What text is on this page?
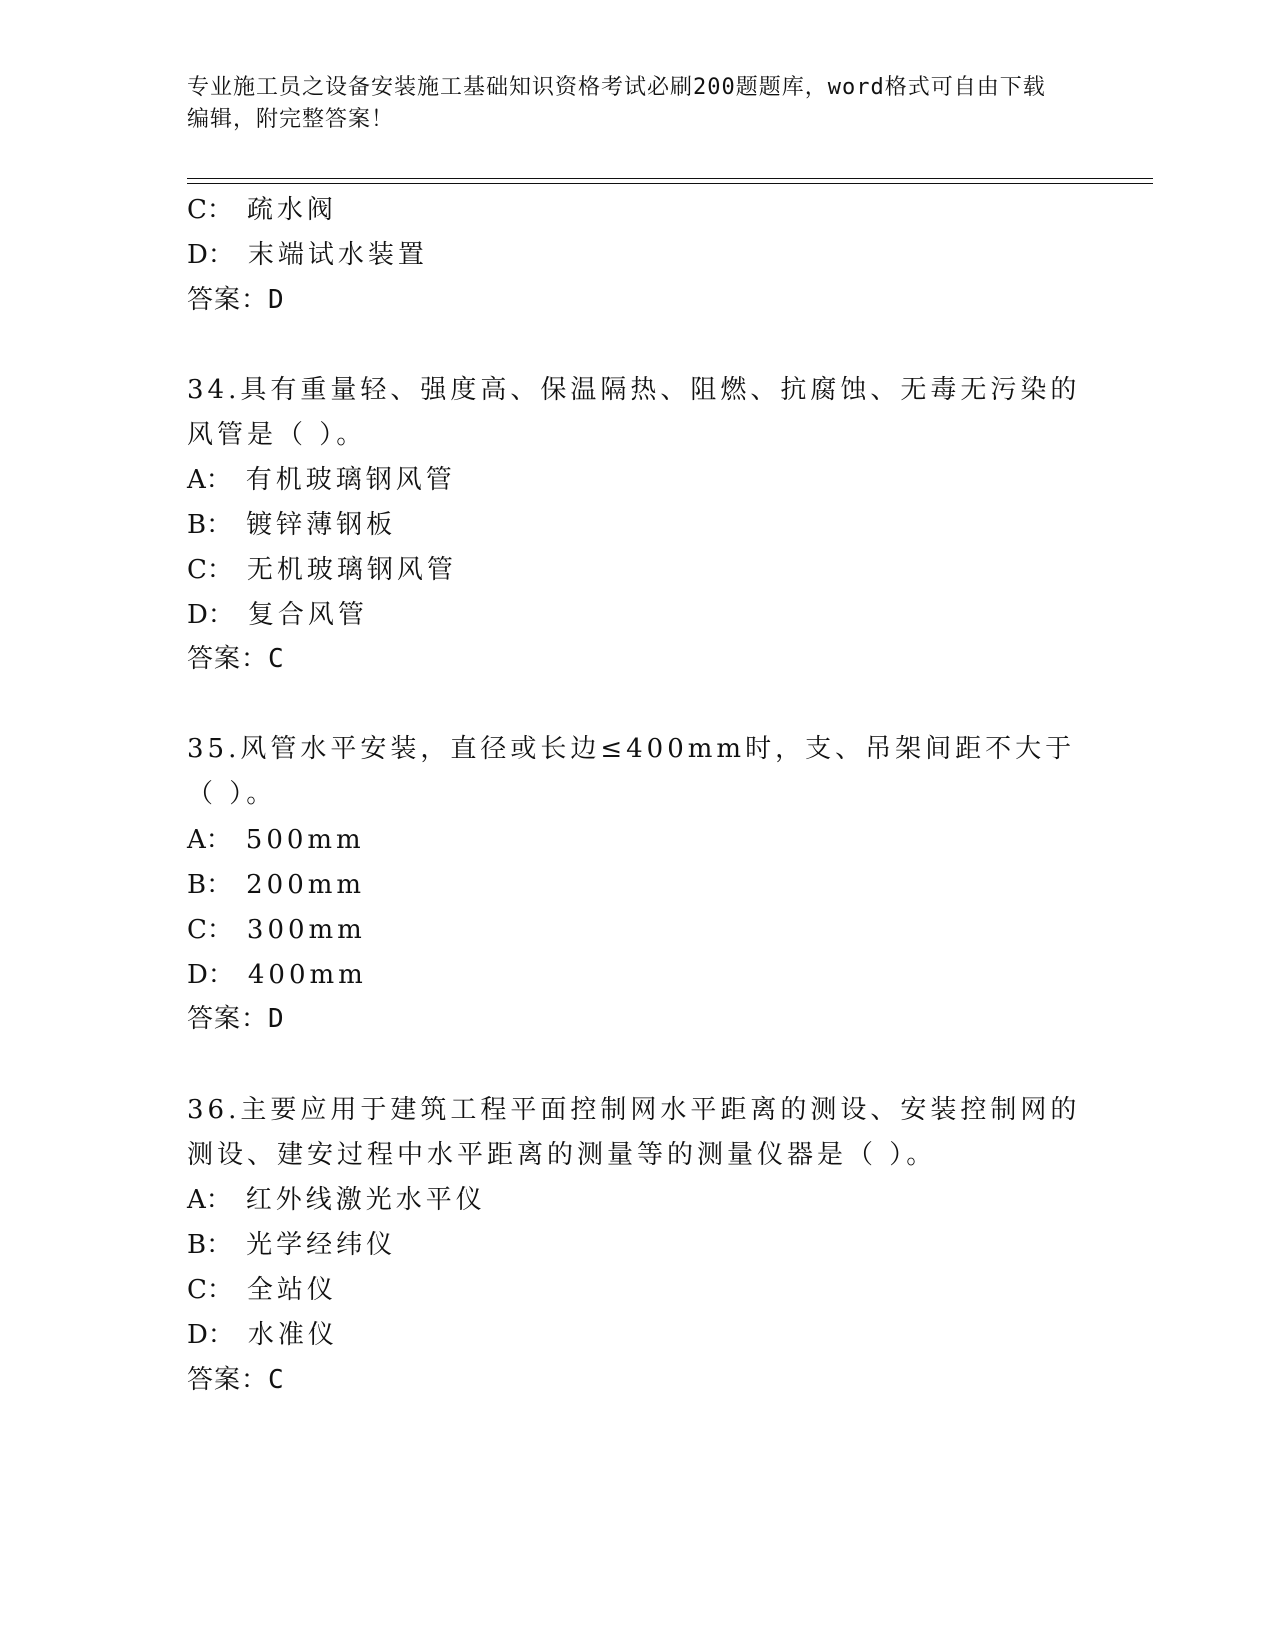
专业施工员之设备安装施工基础知识资格考试必刷200题题库，word格式可自由下载编辑，附完整答案！
C： 疏水阀
D： 末端试水装置
答案：D
34.具有重量轻、强度高、保温隔热、阻燃、抗腐蚀、无毒无污染的风管是（ ）。
A： 有机玻璃钢风管
B： 镀锌薄钢板
C： 无机玻璃钢风管
D： 复合风管
答案：C
35.风管水平安装，直径或长边≤400mm时，支、吊架间距不大于（ ）。
A： 500mm
B： 200mm
C： 300mm
D： 400mm
答案：D
36.主要应用于建筑工程平面控制网水平距离的测设、安装控制网的测设、建安过程中水平距离的测量等的测量仪器是（ ）。
A： 红外线激光水平仪
B： 光学经纬仪
C： 全站仪
D： 水准仪
答案：C
